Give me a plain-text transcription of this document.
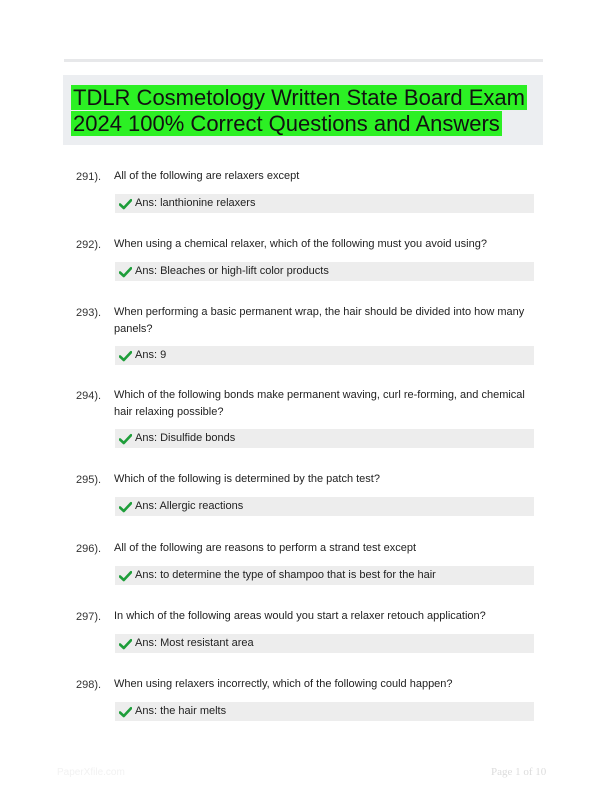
TDLR Cosmetology Written State Board Exam 2024 100% Correct Questions and Answers
291). All of the following are relaxers except
Ans: lanthionine relaxers
292). When using a chemical relaxer, which of the following must you avoid using?
Ans: Bleaches or high-lift color products
293). When performing a basic permanent wrap, the hair should be divided into how many panels?
Ans: 9
294). Which of the following bonds make permanent waving, curl re-forming, and chemical hair relaxing possible?
Ans: Disulfide bonds
295). Which of the following is determined by the patch test?
Ans: Allergic reactions
296). All of the following are reasons to perform a strand test except
Ans: to determine the type of shampoo that is best for the hair
297). In which of the following areas would you start a relaxer retouch application?
Ans: Most resistant area
298). When using relaxers incorrectly, which of the following could happen?
Ans: the hair melts
PaperXfile.com	Page 1 of 10
